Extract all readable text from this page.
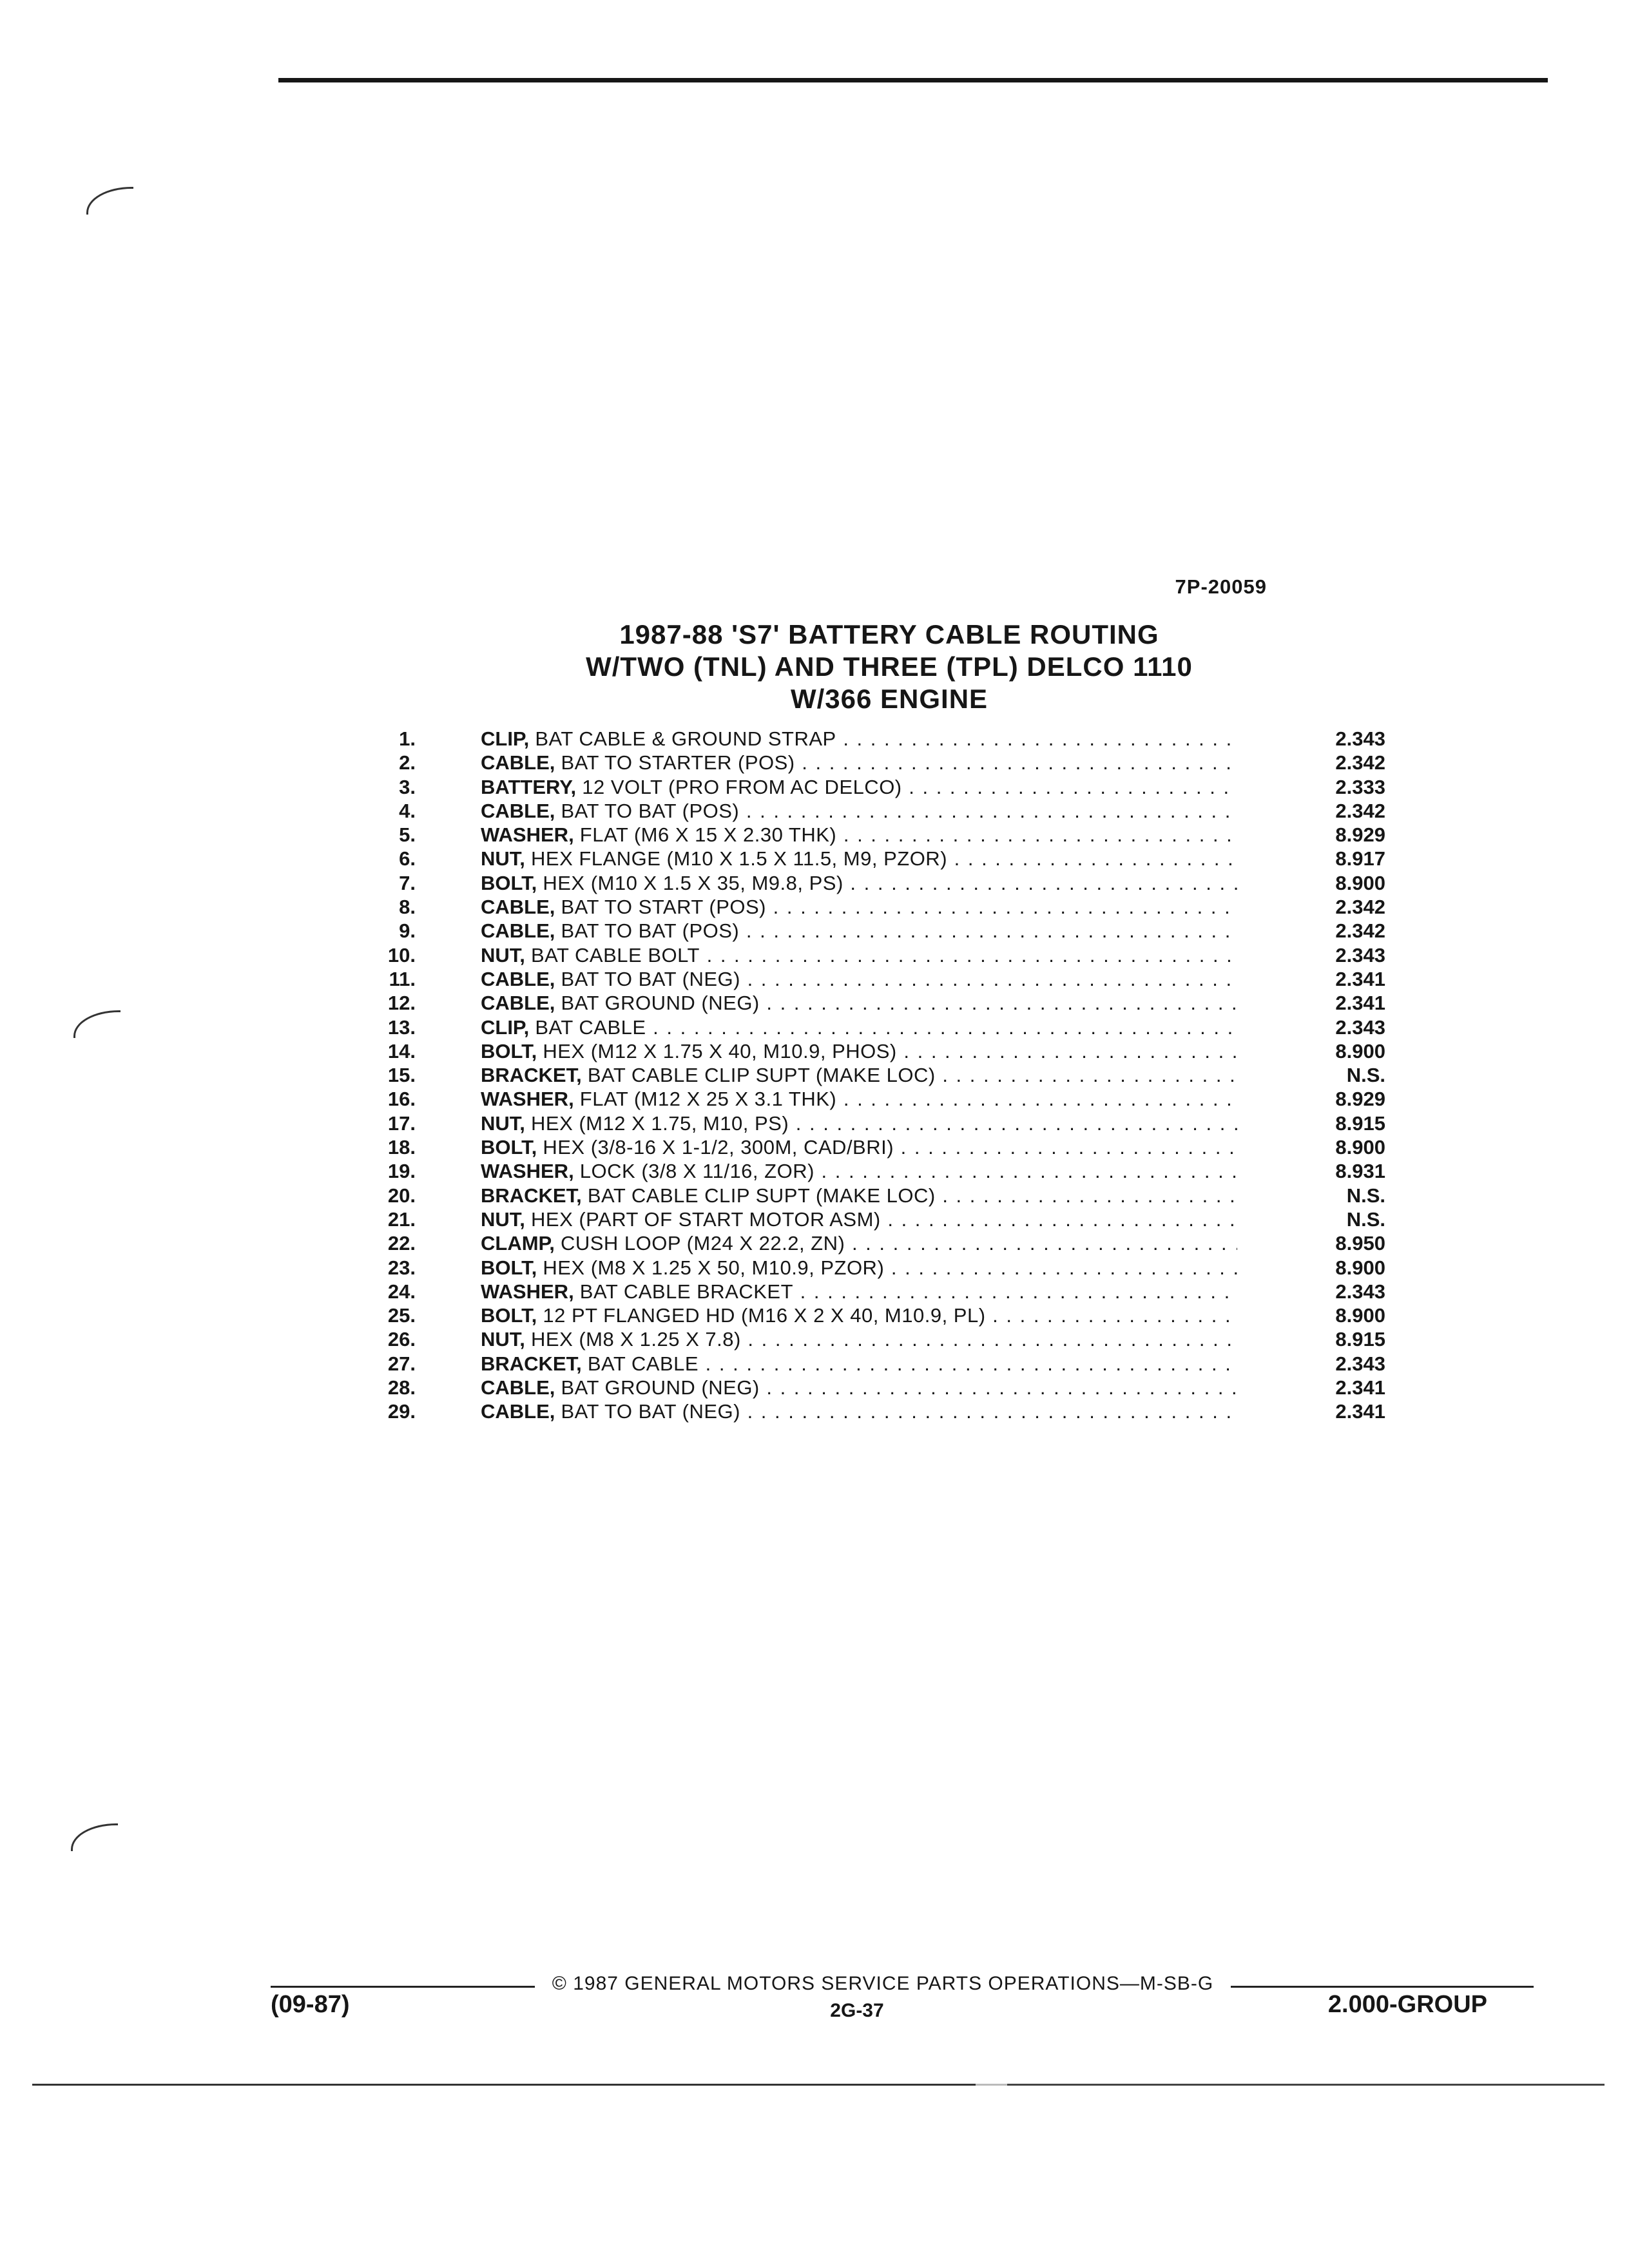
7P-20059
1987-88 'S7' BATTERY CABLE ROUTING
W/TWO (TNL) AND THREE (TPL) DELCO 1110
W/366 ENGINE
1.	CLIP, BAT CABLE & GROUND STRAP . . .	2.343
2.	CABLE, BAT TO STARTER (POS) . . .	2.342
3.	BATTERY, 12 VOLT (PRO FROM AC DELCO) . . .	2.333
4.	CABLE, BAT TO BAT (POS) . . .	2.342
5.	WASHER, FLAT (M6 X 15 X 2.30 THK) . . .	8.929
6.	NUT, HEX FLANGE (M10 X 1.5 X 11.5, M9, PZOR) . . .	8.917
7.	BOLT, HEX (M10 X 1.5 X 35, M9.8, PS) . . .	8.900
8.	CABLE, BAT TO START (POS) . . .	2.342
9.	CABLE, BAT TO BAT (POS) . . .	2.342
10.	NUT, BAT CABLE BOLT . . .	2.343
11.	CABLE, BAT TO BAT (NEG) . . .	2.341
12.	CABLE, BAT GROUND (NEG) . . .	2.341
13.	CLIP, BAT CABLE . . .	2.343
14.	BOLT, HEX (M12 X 1.75 X 40, M10.9, PHOS) . . .	8.900
15.	BRACKET, BAT CABLE CLIP SUPT (MAKE LOC) . . .	N.S.
16.	WASHER, FLAT (M12 X 25 X 3.1 THK) . . .	8.929
17.	NUT, HEX (M12 X 1.75, M10, PS) . . .	8.915
18.	BOLT, HEX (3/8-16 X 1-1/2, 300M, CAD/BRI) . . .	8.900
19.	WASHER, LOCK (3/8 X 11/16, ZOR) . . .	8.931
20.	BRACKET, BAT CABLE CLIP SUPT (MAKE LOC) . . .	N.S.
21.	NUT, HEX (PART OF START MOTOR ASM) . . .	N.S.
22.	CLAMP, CUSH LOOP (M24 X 22.2, ZN) . . .	8.950
23.	BOLT, HEX (M8 X 1.25 X 50, M10.9, PZOR) . . .	8.900
24.	WASHER, BAT CABLE BRACKET . . .	2.343
25.	BOLT, 12 PT FLANGED HD (M16 X 2 X 40, M10.9, PL) . . .	8.900
26.	NUT, HEX (M8 X 1.25 X 7.8) . . .	8.915
27.	BRACKET, BAT CABLE . . .	2.343
28.	CABLE, BAT GROUND (NEG) . . .	2.341
29.	CABLE, BAT TO BAT (NEG) . . .	2.341
© 1987 GENERAL MOTORS SERVICE PARTS OPERATIONS—M-SB-G
(09-87)	2G-37	2.000-GROUP
